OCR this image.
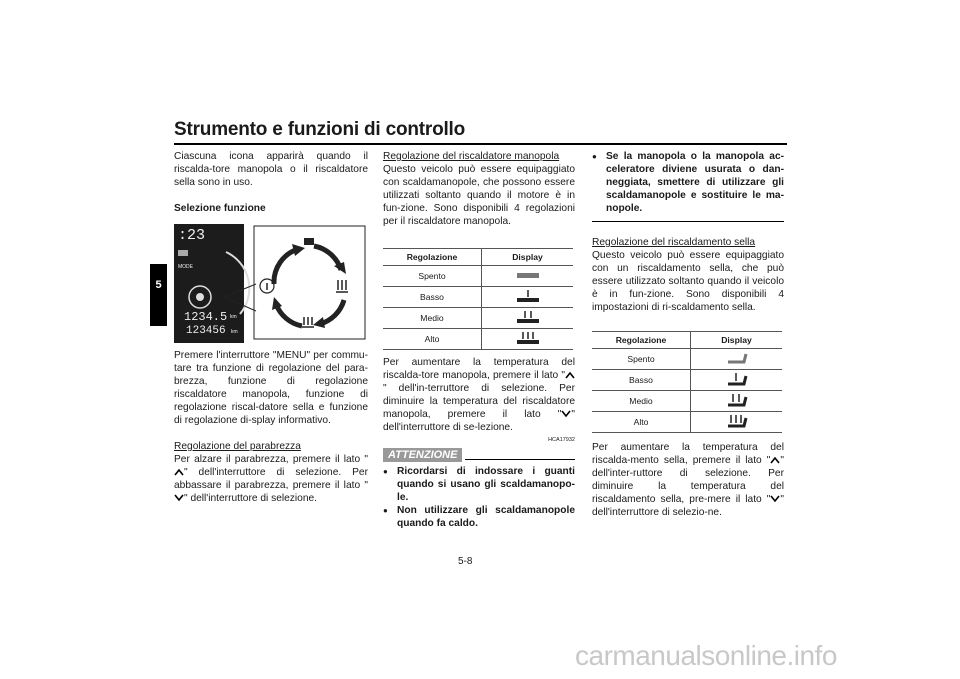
Strumento e funzioni di controllo
5

Ciascuna icona apparirà quando il riscalda-tore manopola o il riscaldatore sella sono in uso.

Selezione funzione

:23
MODE
1234.5 km
123456 km

Premere l'interruttore "MENU" per commu-tare tra funzione di regolazione del para-brezza, funzione di regolazione riscaldatore manopola, funzione di regolazione riscal-datore sella e funzione di regolazione di-splay informativo.

Regolazione del parabrezza

Per alzare il parabrezza, premere il lato "" dell'interruttore di selezione. Per abbassare il parabrezza, premere il lato "" dell'interruttore di selezione.

Regolazione del riscaldatore manopola

Questo veicolo può essere equipaggiato con scaldamanopole, che possono essere utilizzati soltanto quando il motore è in fun-zione. Sono disponibili 4 regolazioni per il riscaldatore manopola.

Regolazione	Display
Spento	
Basso	
Medio	
Alto	

Per aumentare la temperatura del riscalda-tore manopola, premere il lato "" dell'in-terruttore di selezione. Per diminuire la temperatura del riscaldatore manopola, premere il lato " " dell'interruttore di se-lezione.

HCA17932
ATTENZIONE

● Ricordarsi di indossare i guanti quando si usano gli scaldamanopo-le.

● Non utilizzare gli scaldamanopole quando fa caldo.

● Se la manopola o la manopola ac-celeratore diviene usurata o dan-neggiata, smettere di utilizzare gli scaldamanopole e sostituire le ma-nopole.

Regolazione del riscaldamento sella

Questo veicolo può essere equipaggiato con un riscaldamento sella, che può essere utilizzato soltanto quando il veicolo è in fun-zione. Sono disponibili 4 impostazioni di ri-scaldamento sella.

Regolazione	Display
Spento	
Basso	
Medio	
Alto	

Per aumentare la temperatura del riscalda-mento sella, premere il lato " " dell'inter-ruttore di selezione. Per diminuire la temperatura del riscaldamento sella, pre-mere il lato " " dell'interruttore di selezio-ne.

5-8
carmanualsonline.info
